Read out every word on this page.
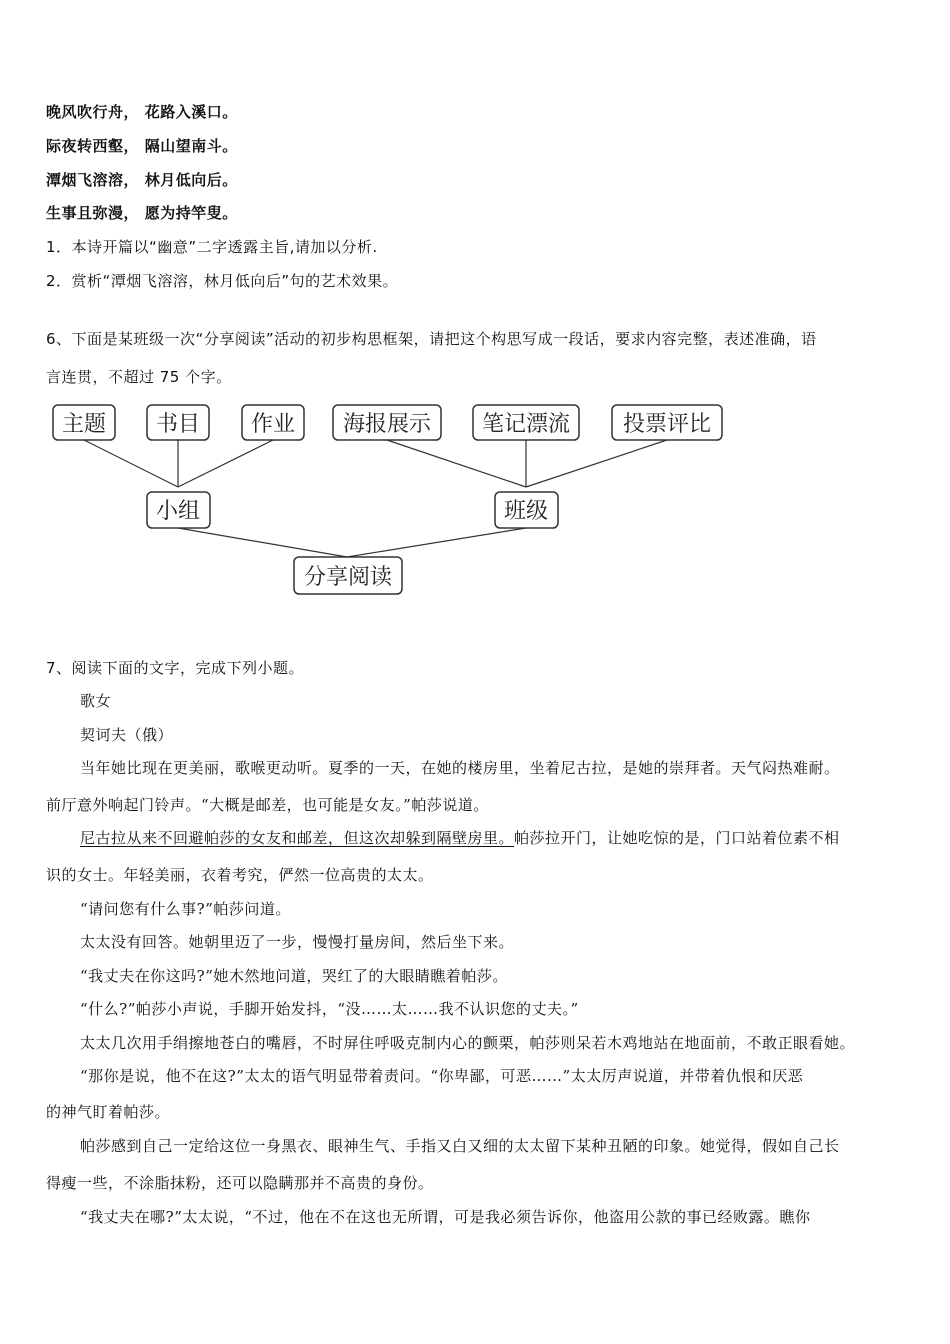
晚风吹行舟， 花路入溪口。
际夜转西壑， 隔山望南斗。
潭烟飞溶溶， 林月低向后。
生事且弥漫， 愿为持竿叟。
1．本诗开篇以“幽意”二字透露主旨,请加以分析.
2．赏析“潭烟飞溶溶，林月低向后”句的艺术效果。
6、下面是某班级一次“分享阅读”活动的初步构思框架，请把这个构思写成一段话，要求内容完整，表述准确，语
言连贯，不超过 75 个字。
主题 书目 作业 海报展示 笔记漂流 投票评比
小组	班级
分享阅读
7、阅读下面的文字，完成下列小题。
歌女
契诃夫（俄）
当年她比现在更美丽，歌喉更动听。夏季的一天，在她的楼房里，坐着尼古拉，是她的崇拜者。天气闷热难耐。
前厅意外响起门铃声。“大概是邮差，也可能是女友。”帕莎说道。
尼古拉从来不回避帕莎的女友和邮差，但这次却躲到隔壁房里。帕莎拉开门，让她吃惊的是，门口站着位素不相
识的女士。年轻美丽，衣着考究，俨然一位高贵的太太。
“请问您有什么事?”帕莎问道。
太太没有回答。她朝里迈了一步，慢慢打量房间，然后坐下来。
“我丈夫在你这吗?”她木然地问道，哭红了的大眼睛瞧着帕莎。
“什么?”帕莎小声说，手脚开始发抖，“没……太……我不认识您的丈夫。”
太太几次用手绢擦地苍白的嘴唇，不时屏住呼吸克制内心的颤栗，帕莎则呆若木鸡地站在地面前，不敢正眼看她。
“那你是说，他不在这?”太太的语气明显带着责问。“你卑鄙，可恶……”太太厉声说道，并带着仇恨和厌恶
的神气盯着帕莎。
帕莎感到自己一定给这位一身黑衣、眼神生气、手指又白又细的太太留下某种丑陋的印象。她觉得，假如自己长
得瘦一些，不涂脂抹粉，还可以隐瞒那并不高贵的身份。
“我丈夫在哪?”太太说，“不过，他在不在这也无所谓，可是我必须告诉你，他盗用公款的事已经败露。瞧你
